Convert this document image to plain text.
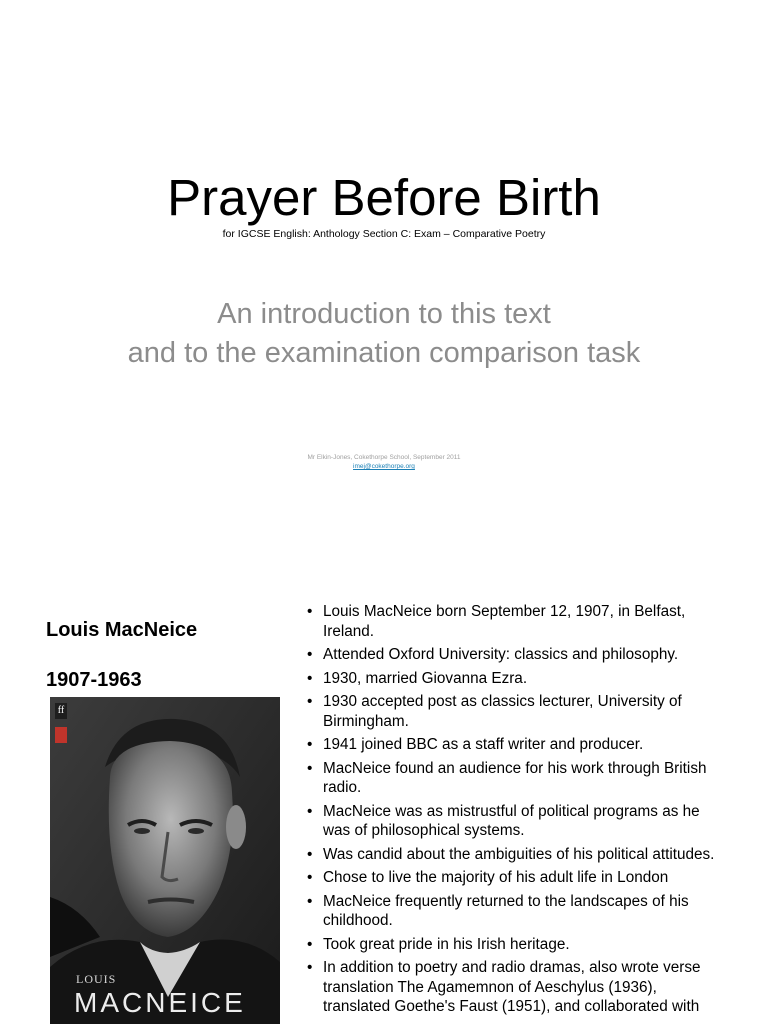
Prayer Before Birth
for IGCSE English: Anthology Section C: Exam – Comparative Poetry
An introduction to this text
and to the examination comparison task
Mr Elkin-Jones, Cokethorpe School, September 2011
imej@cokethorpe.org
Louis MacNeice
1907-1963
ff
LOUIS
MACNEICE
• Louis MacNeice born September 12, 1907, in Belfast, Ireland.
• Attended Oxford University: classics and philosophy.
• 1930, married Giovanna Ezra.
• 1930 accepted post as classics lecturer, University of Birmingham.
• 1941 joined BBC as a staff writer and producer.
• MacNeice found an audience for his work through British radio.
• MacNeice was as mistrustful of political programs as he was of philosophical systems.
• Was candid about the ambiguities of his political attitudes.
• Chose to live the majority of his adult life in London
• MacNeice frequently returned to the landscapes of his childhood.
• Took great pride in his Irish heritage.
• In addition to poetry and radio dramas, also wrote verse translation The Agamemnon of Aeschylus (1936), translated Goethe's Faust (1951), and collaborated with
